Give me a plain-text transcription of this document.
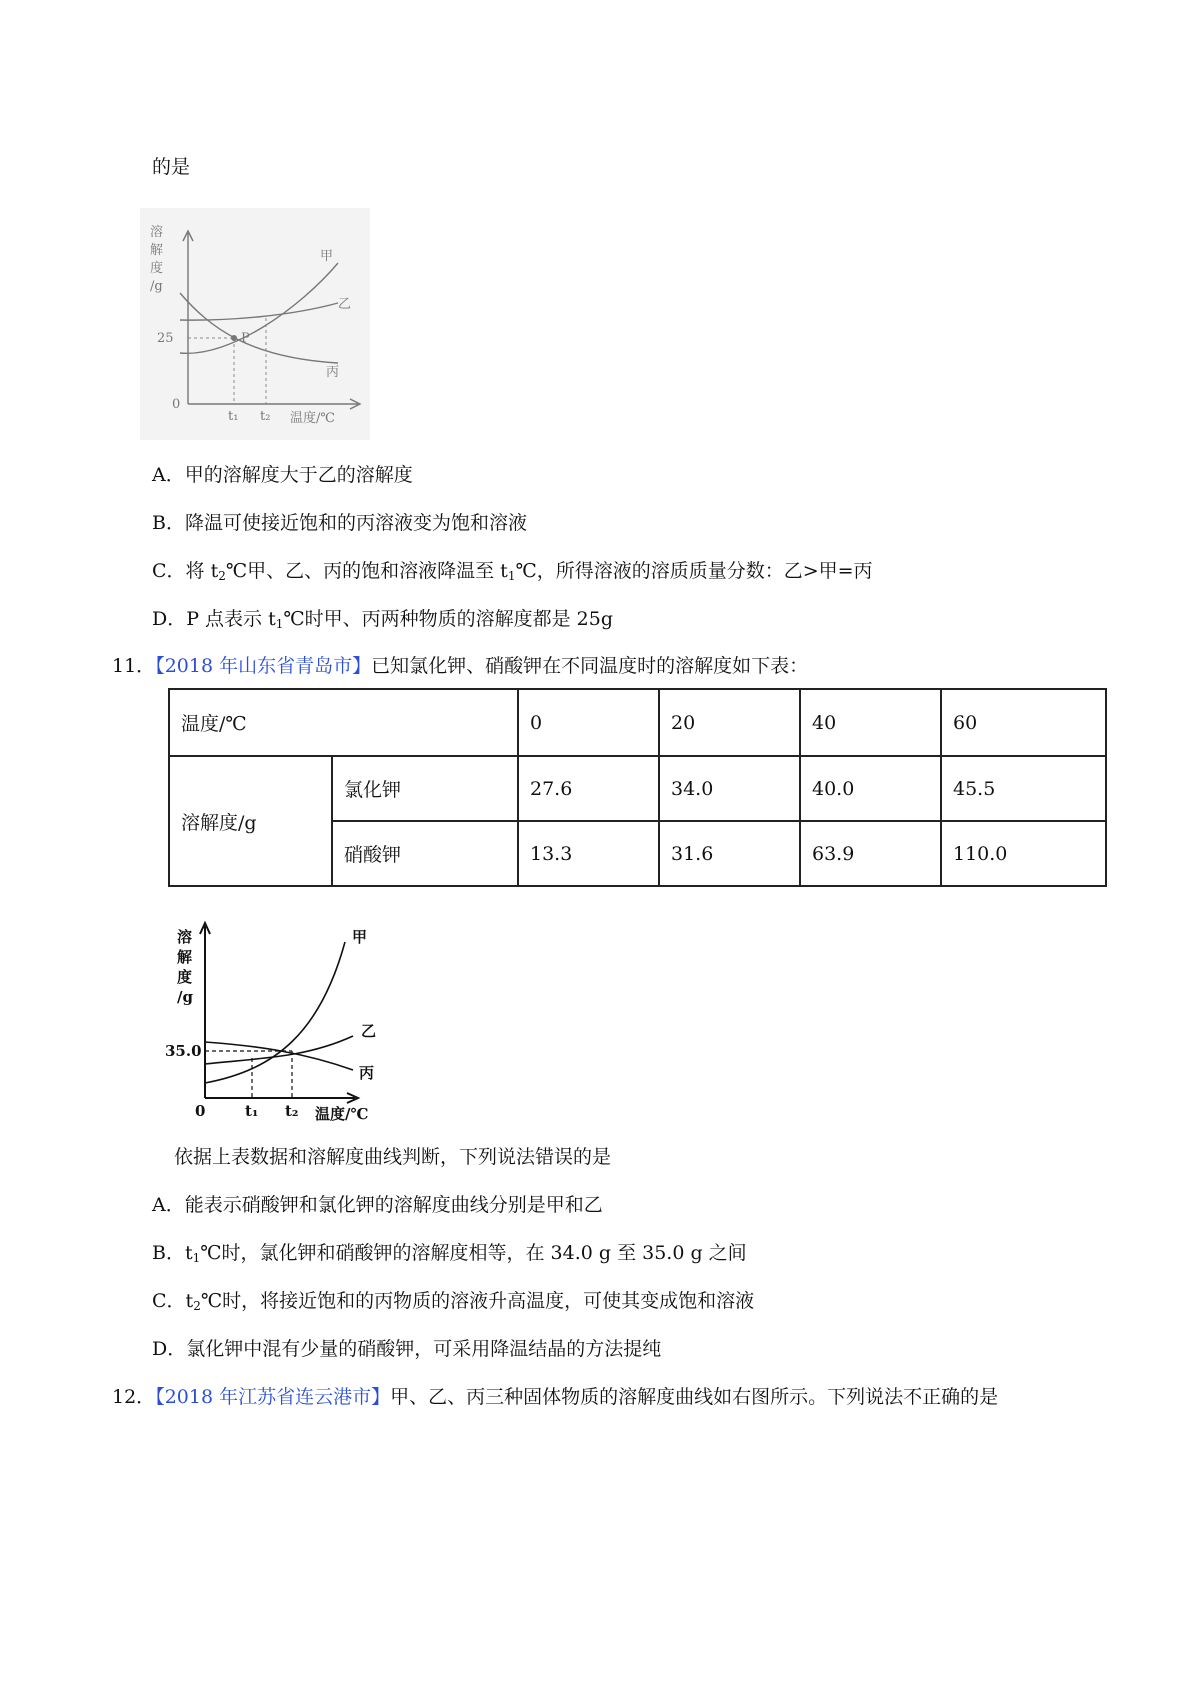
的是
溶
解
度
/g
25
0
t₁ t₂ 温度/℃
甲
乙
丙
P
A．甲的溶解度大于乙的溶解度
B．降温可使接近饱和的丙溶液变为饱和溶液
C．将 $t_2℃$甲、乙、丙的饱和溶液降温至 $t_1℃$，所得溶液的溶质质量分数：乙>甲=丙
D．P 点表示 $t_1℃$时甲、丙两种物质的溶解度都是 25g
11．【2018 年山东省青岛市】已知氯化钾、硝酸钾在不同温度时的溶解度如下表：
温度/℃		0	20	40	60
溶解度/g	氯化钾	27.6	34.0	40.0	45.5
	硝酸钾	13.3	31.6	63.9	110.0
溶
解
度
/g
35.0
0	t₁ t₂ 温度/℃
甲
乙
丙
依据上表数据和溶解度曲线判断，下列说法错误的是
A．能表示硝酸钾和氯化钾的溶解度曲线分别是甲和乙
B．$t_1℃$时，氯化钾和硝酸钾的溶解度相等，在 34.0 g 至 35.0 g 之间
C．$t_2℃$时，将接近饱和的丙物质的溶液升高温度，可使其变成饱和溶液
D．氯化钾中混有少量的硝酸钾，可采用降温结晶的方法提纯
12．【2018 年江苏省连云港市】甲、乙、丙三种固体物质的溶解度曲线如右图所示。下列说法不正确的是
